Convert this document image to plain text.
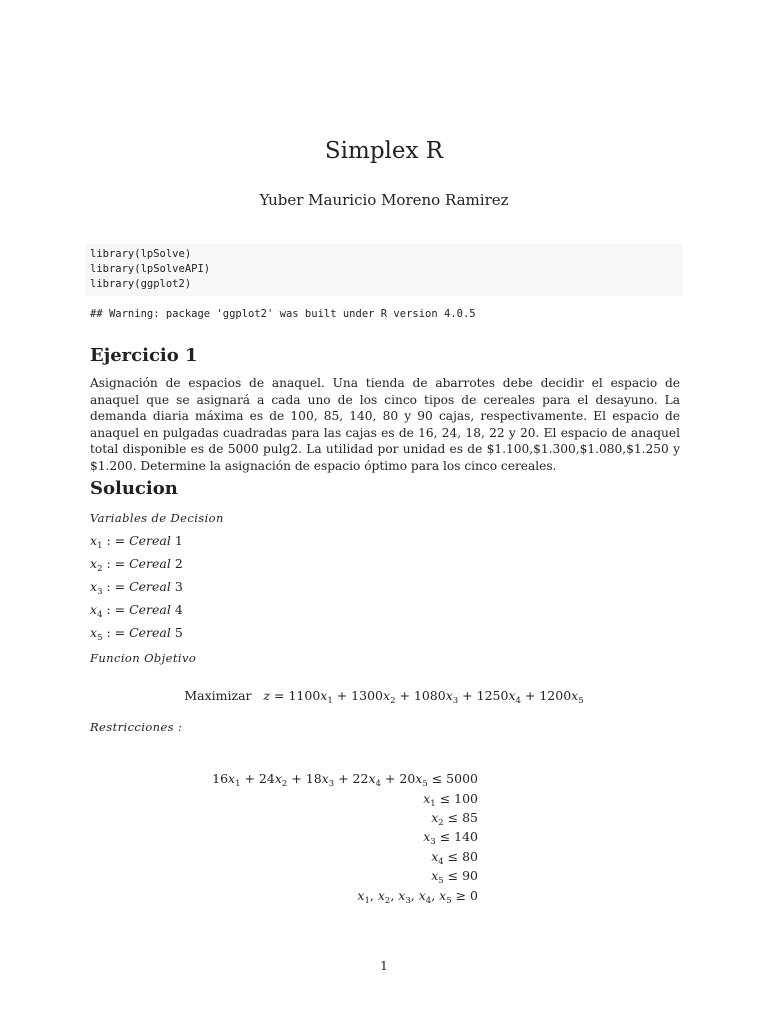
Simplex R
Yuber Mauricio Moreno Ramirez
library(lpSolve)
library(lpSolveAPI)
library(ggplot2)
## Warning: package 'ggplot2' was built under R version 4.0.5
Ejercicio 1
Asignación de espacios de anaquel. Una tienda de abarrotes debe decidir el espacio de anaquel que se asignará a cada uno de los cinco tipos de cereales para el desayuno. La demanda diaria máxima es de 100, 85, 140, 80 y 90 cajas, respectivamente. El espacio de anaquel en pulgadas cuadradas para las cajas es de 16, 24, 18, 22 y 20. El espacio de anaquel total disponible es de 5000 pulg2. La utilidad por unidad es de $1.100,$1.300,$1.080,$1.250 y $1.200. Determine la asignación de espacio óptimo para los cinco cereales.
Solucion
Variables de Decision
$x_1$ : = Cereal 1
$x_2$ : = Cereal 2
$x_3$ : = Cereal 3
$x_4$ : = Cereal 4
$x_5$ : = Cereal 5
Funcion Objetivo
Maximizar $z = 1100x_1 + 1300x_2 + 1080x_3 + 1250x_4 + 1200x_5$
Restricciones :
$16x_1 + 24x_2 + 18x_3 + 22x_4 + 20x_5 \le 5000$
$x_1 \le 100$
$x_2 \le 85$
$x_3 \le 140$
$x_4 \le 80$
$x_5 \le 90$
$x_1$, $x_2$, $x_3$, $x_4$, $x_5 \ge 0$
1
